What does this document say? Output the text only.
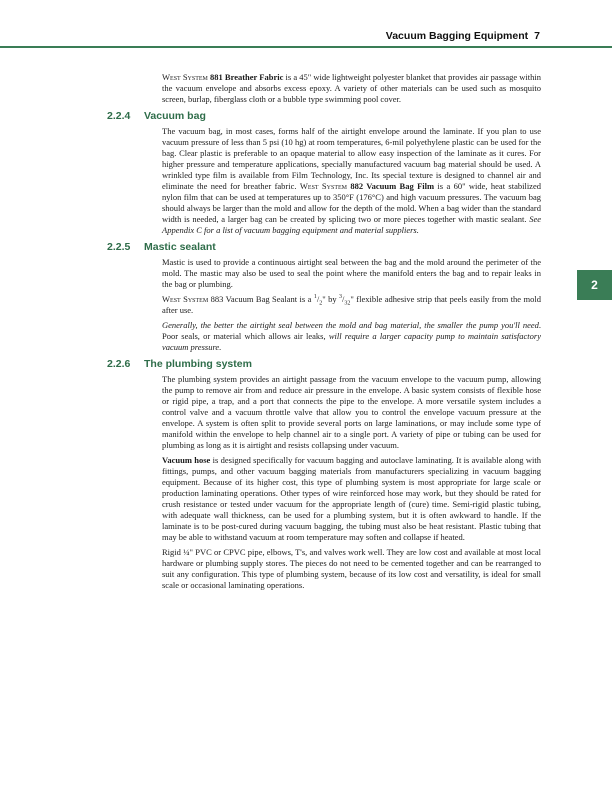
Vacuum Bagging Equipment 7
2

West System 881 Breather Fabric is a 45" wide lightweight polyester blanket that provides air passage within the vacuum envelope and absorbs excess epoxy. A variety of other materials can be used such as mosquito screen, burlap, fiberglass cloth or a bubble type swimming pool cover.

2.2.4 Vacuum bag

The vacuum bag, in most cases, forms half of the airtight envelope around the laminate. If you plan to use vacuum pressure of less than 5 psi (10 hg) at room temperatures, 6-mil polyethylene plastic can be used for the bag. Clear plastic is preferable to an opaque material to allow easy inspection of the laminate as it cures. For higher pressure and temperature applications, specially manufactured vacuum bag material should be used. A wrinkled type film is available from Film Technology, Inc. Its special texture is designed to channel air and eliminate the need for breather fabric. West System 882 Vacuum Bag Film is a 60" wide, heat stabilized nylon film that can be used at temperatures up to 350°F (176°C) and high vacuum pressures. The vacuum bag should always be larger than the mold and allow for the depth of the mold. When a bag wider than the standard width is needed, a larger bag can be created by splicing two or more pieces together with mastic sealant. See Appendix C for a list of vacuum bagging equipment and material suppliers.

2.2.5 Mastic sealant

Mastic is used to provide a continuous airtight seal between the bag and the mold around the perimeter of the mold. The mastic may also be used to seal the point where the manifold enters the bag and to repair leaks in the bag or plumbing.

West System 883 Vacuum Bag Sealant is a $^1/_2$" by $^3/_{32}$" flexible adhesive strip that peels easily from the mold after use.

Generally, the better the airtight seal between the mold and bag material, the smaller the pump you'll need. Poor seals, or material which allows air leaks, will require a larger capacity pump to maintain satisfactory vacuum pressure.

2.2.6 The plumbing system

The plumbing system provides an airtight passage from the vacuum envelope to the vacuum pump, allowing the pump to remove air from and reduce air pressure in the envelope. A basic system consists of flexible hose or rigid pipe, a trap, and a port that connects the pipe to the envelope. A more versatile system includes a control valve and a vacuum throttle valve that allow you to control the envelope vacuum pressure at the envelope. A system is often split to provide several ports on large laminations, or may include some type of manifold within the envelope to help channel air to a single port. A variety of pipe or tubing can be used for plumbing as long as it is airtight and resists collapsing under vacuum.

Vacuum hose is designed specifically for vacuum bagging and autoclave laminating. It is available along with fittings, pumps, and other vacuum bagging materials from manufacturers specializing in vacuum bagging equipment. Because of its higher cost, this type of plumbing system is most appropriate for large scale or production laminating operations. Other types of wire reinforced hose may work, but they should be rated for crush resistance or tested under vacuum for the appropriate length of (cure) time. Semi-rigid plastic tubing, with adequate wall thickness, can be used for a plumbing system, but it is often awkward to handle. If the laminate is to be post-cured during vacuum bagging, the tubing must also be heat resistant. Plastic tubing that may be able to withstand vacuum at room temperature may soften and collapse if heated.

Rigid ¼" PVC or CPVC pipe, elbows, T's, and valves work well. They are low cost and available at most local hardware or plumbing supply stores. The pieces do not need to be cemented together and can be rearranged to suit any configuration. This type of plumbing system, because of its low cost and versatility, is ideal for small scale or occasional laminating operations.
